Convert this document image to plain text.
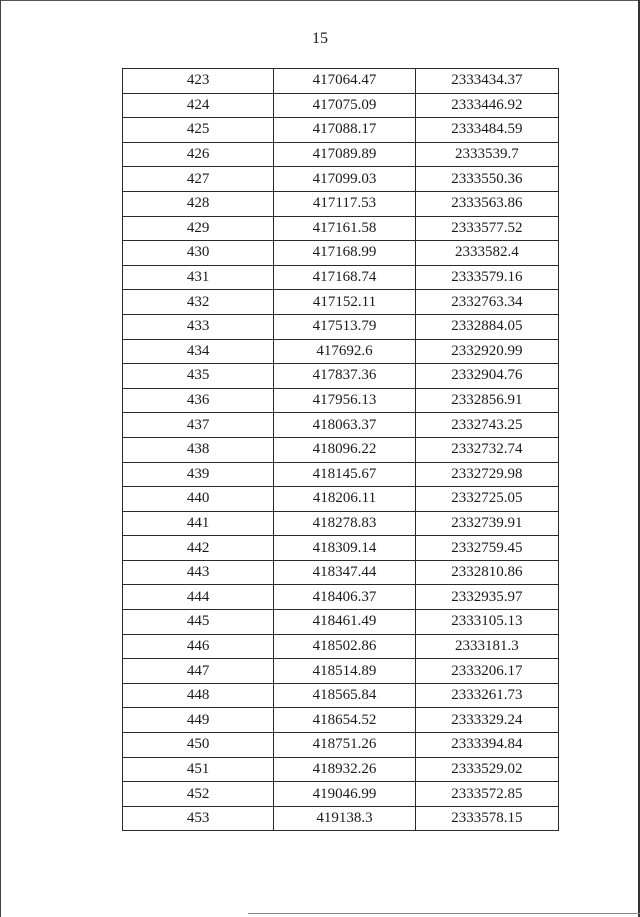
15
423	417064.47	2333434.37
424	417075.09	2333446.92
425	417088.17	2333484.59
426	417089.89	2333539.7
427	417099.03	2333550.36
428	417117.53	2333563.86
429	417161.58	2333577.52
430	417168.99	2333582.4
431	417168.74	2333579.16
432	417152.11	2332763.34
433	417513.79	2332884.05
434	417692.6	2332920.99
435	417837.36	2332904.76
436	417956.13	2332856.91
437	418063.37	2332743.25
438	418096.22	2332732.74
439	418145.67	2332729.98
440	418206.11	2332725.05
441	418278.83	2332739.91
442	418309.14	2332759.45
443	418347.44	2332810.86
444	418406.37	2332935.97
445	418461.49	2333105.13
446	418502.86	2333181.3
447	418514.89	2333206.17
448	418565.84	2333261.73
449	418654.52	2333329.24
450	418751.26	2333394.84
451	418932.26	2333529.02
452	419046.99	2333572.85
453	419138.3	2333578.15
